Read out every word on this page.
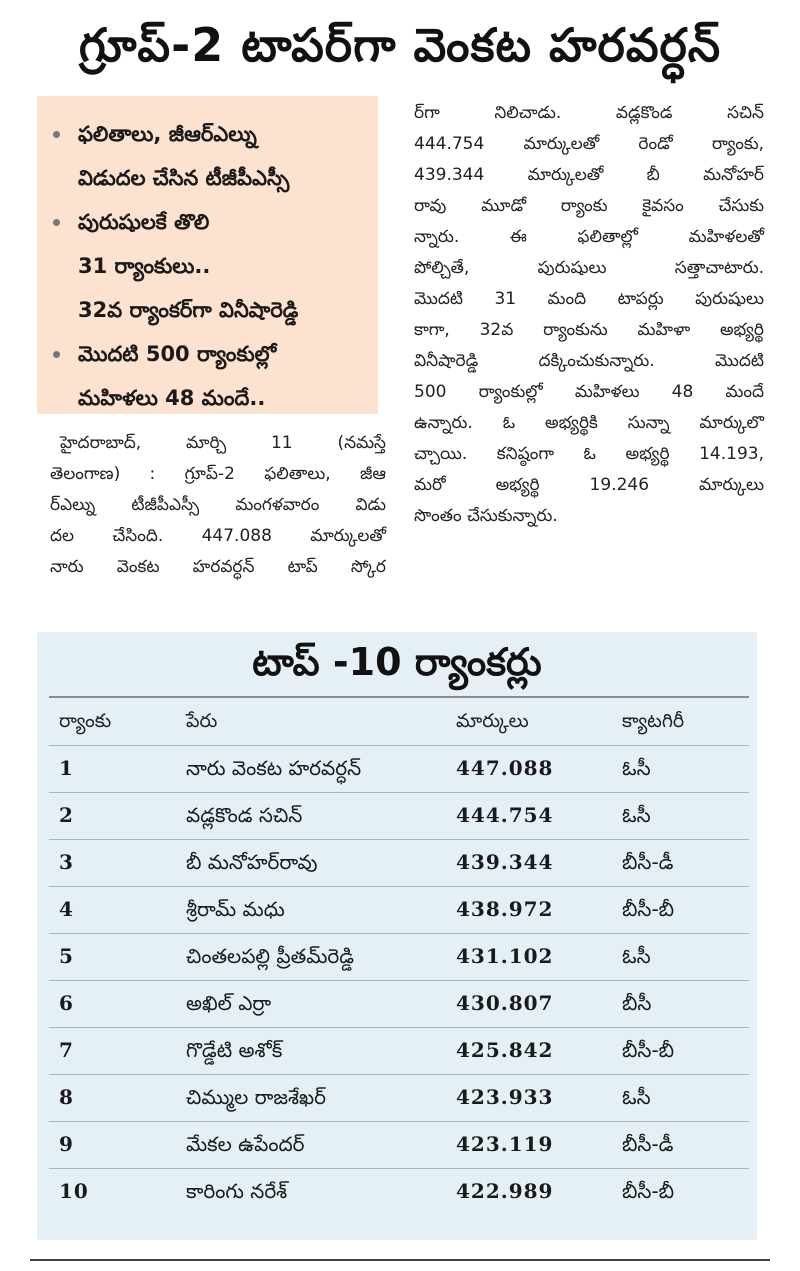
గ్రూప్-2 టాపర్‌గా వెంకట హరవర్ధన్
ఫలితాలు, జీఆర్ఎల్ను
విడుదల చేసిన టీజీపీఎస్సీ
పురుషులకే తొలి
31 ర్యాంకులు..
32వ ర్యాంకర్‌గా వినీషారెడ్డి
మొదటి 500 ర్యాంకుల్లో
మహిళలు 48 మందే..
హైదరాబాద్, మార్చి 11 (నమస్తే
తెలంగాణ) : గ్రూప్-2 ఫలితాలు, జీఆ
ర్ఎల్ను టీజీపీఎస్సీ మంగళవారం విడు
దల చేసింది. 447.088 మార్కులతో
నారు వెంకట హరవర్ధన్ టాప్ స్కోర
ర్‌గా నిలిచాడు. వడ్లకొండ సచిన్
444.754 మార్కులతో రెండో ర్యాంకు,
439.344 మార్కులతో బీ మనోహర్
రావు మూడో ర్యాంకు కైవసం చేసుకు
న్నారు. ఈ ఫలితాల్లో మహిళలతో
పోల్చితే, పురుషులు సత్తాచాటారు.
మొదటి 31 మంది టాపర్లు పురుషులు
కాగా, 32వ ర్యాంకును మహిళా అభ్యర్థి
వినీషారెడ్డి దక్కించుకున్నారు. మొదటి
500 ర్యాంకుల్లో మహిళలు 48 మందే
ఉన్నారు. ఓ అభ్యర్థికి సున్నా మార్కులొ
చ్చాయి. కనిష్ఠంగా ఓ అభ్యర్థి 14.193,
మరో అభ్యర్థి 19.246 మార్కులు
సొంతం చేసుకున్నారు.
టాప్ -10 ర్యాంకర్లు
ర్యాంకు	పేరు	మార్కులు	క్యాటగిరీ
1	నారు వెంకట హరవర్ధన్	447.088	ఓసీ
2	వడ్లకొండ సచిన్	444.754	ఓసీ
3	బీ మనోహర్‌రావు	439.344	బీసీ-డీ
4	శ్రీరామ్ మధు	438.972	బీసీ-బీ
5	చింతలపల్లి ప్రీతమ్‌రెడ్డి	431.102	ఓసీ
6	అఖిల్ ఎర్రా	430.807	బీసీ
7	గొడ్డేటి అశోక్	425.842	బీసీ-బీ
8	చిమ్ముల రాజశేఖర్	423.933	ఓసీ
9	మేకల ఉపేందర్	423.119	బీసీ-డీ
10	కారింగు నరేశ్	422.989	బీసీ-బీ
